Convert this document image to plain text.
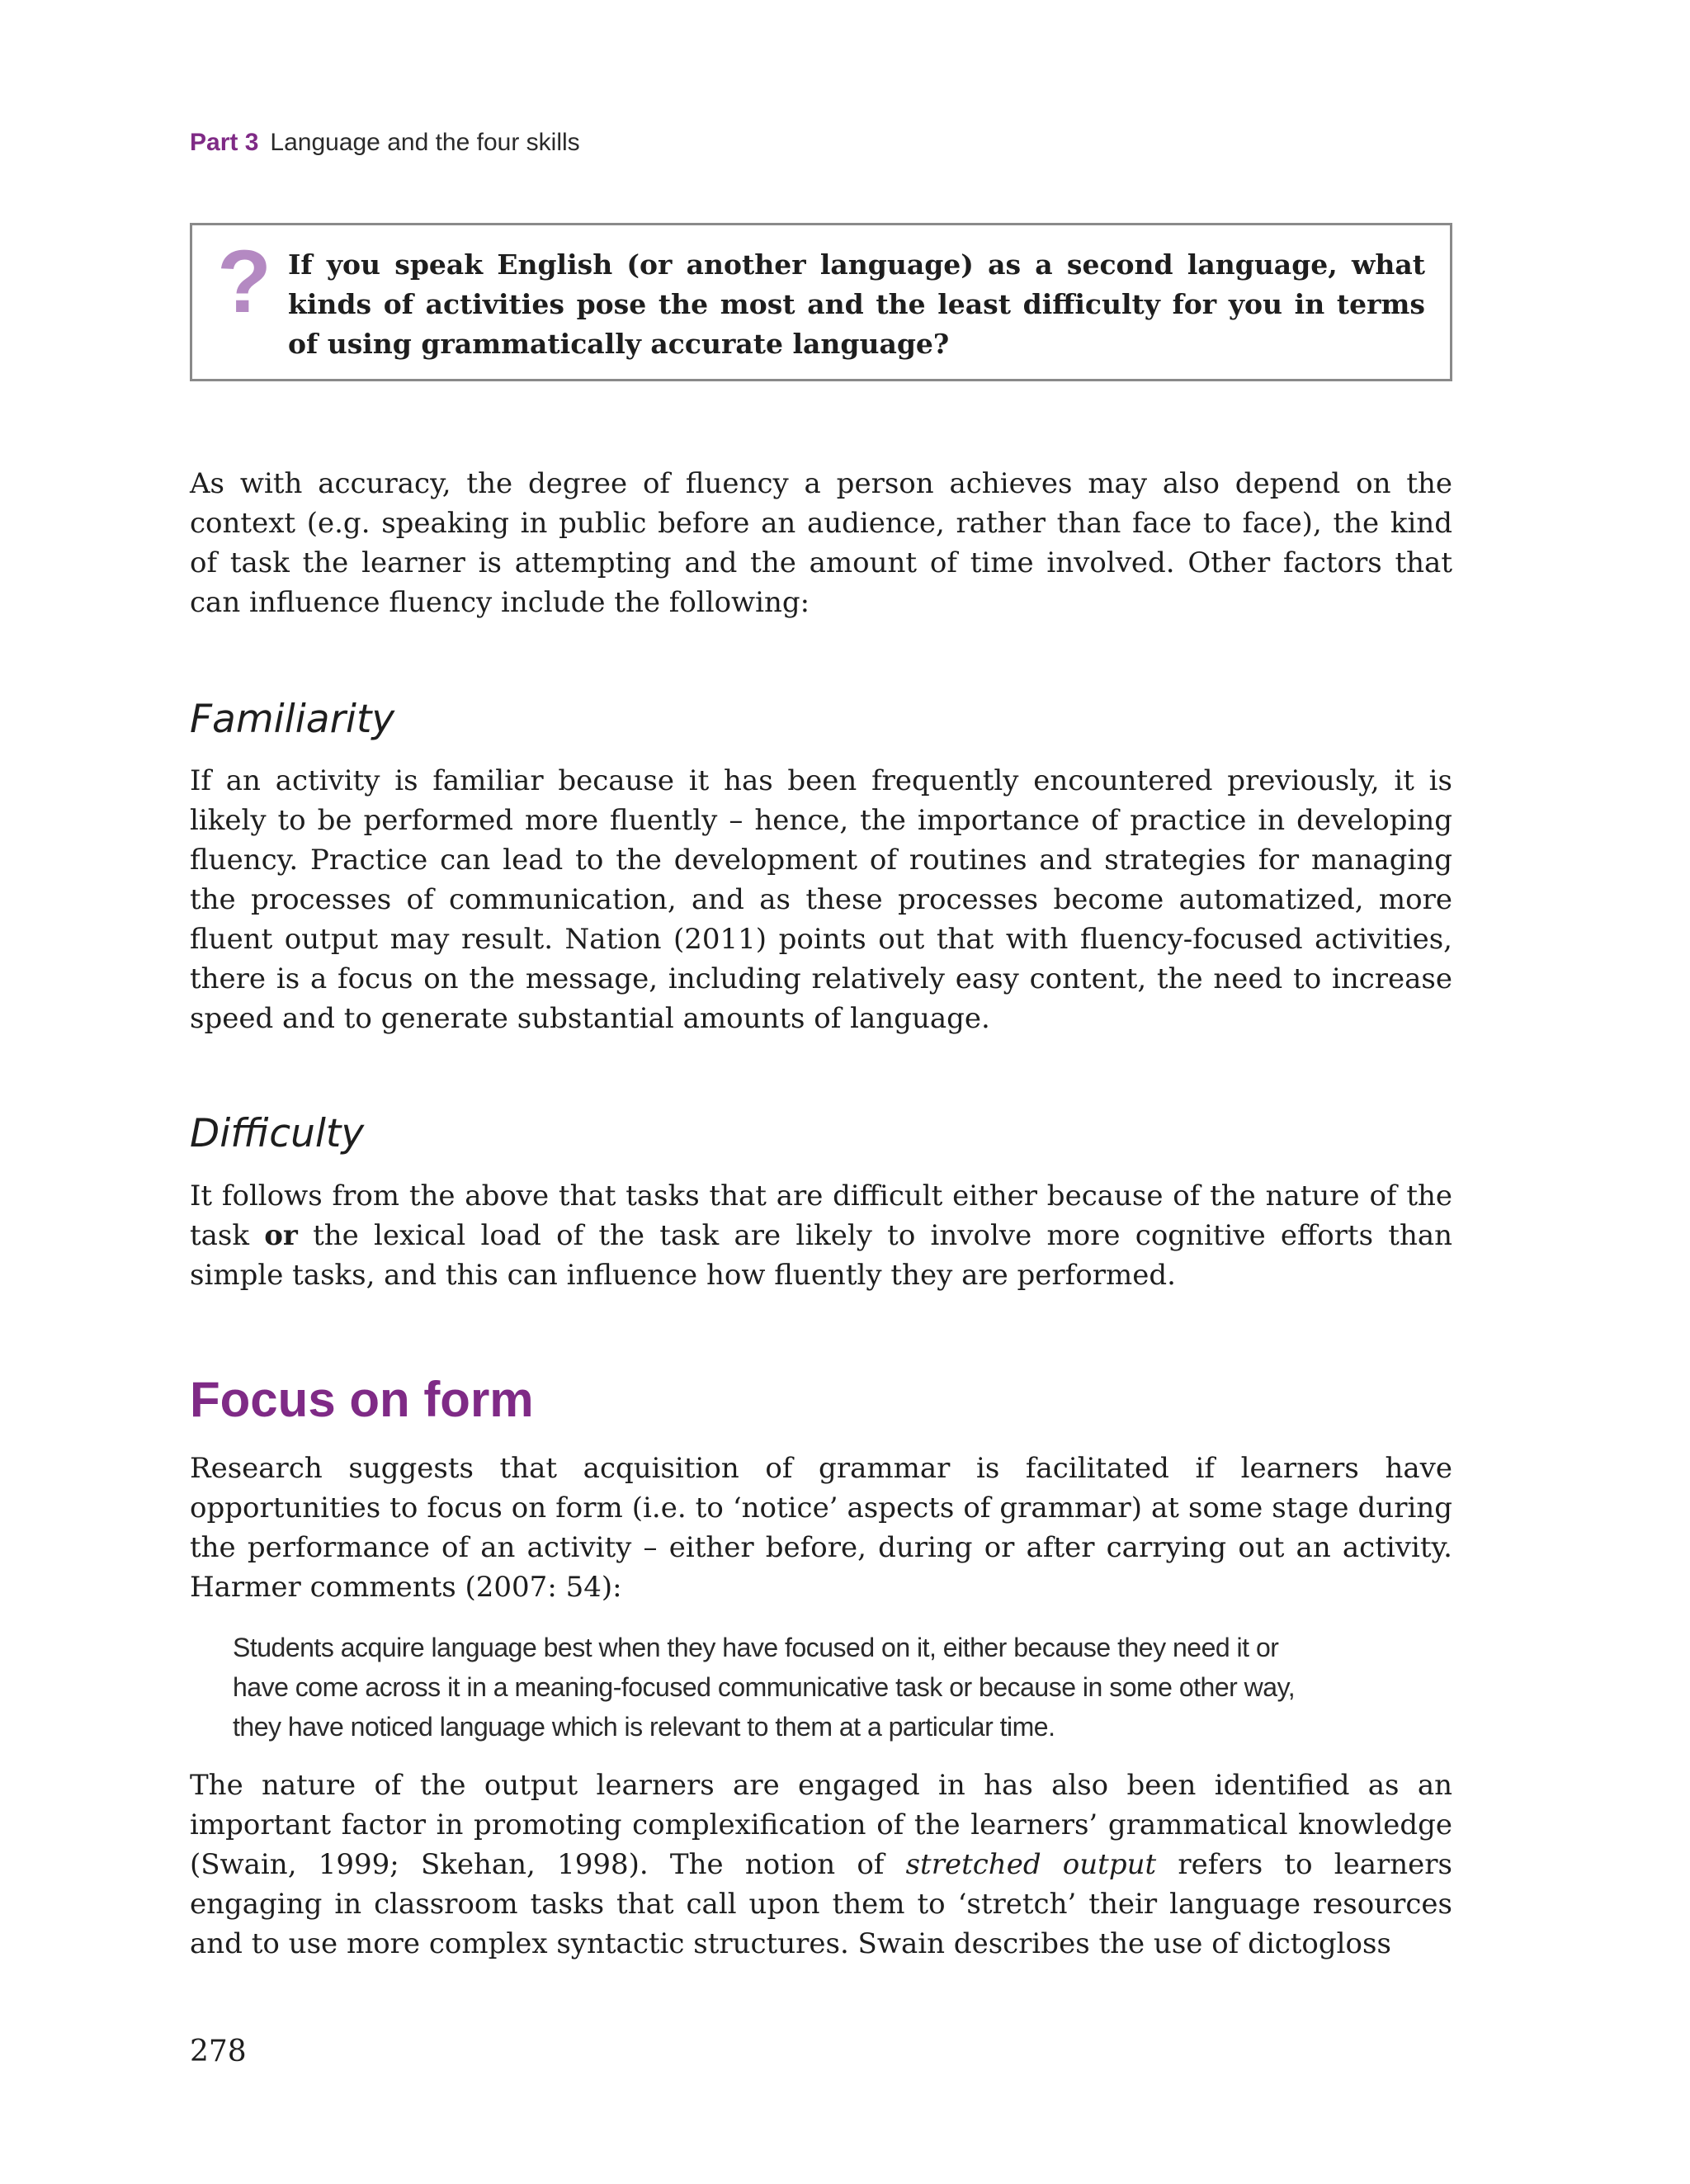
Part 3 Language and the four skills
? If you speak English (or another language) as a second language, what kinds of activities pose the most and the least difficulty for you in terms of using grammatically accurate language?

As with accuracy, the degree of fluency a person achieves may also depend on the context (e.g. speaking in public before an audience, rather than face to face), the kind of task the learner is attempting and the amount of time involved. Other factors that can influence fluency include the following:

Familiarity

If an activity is familiar because it has been frequently encountered previously, it is likely to be performed more fluently – hence, the importance of practice in developing fluency. Practice can lead to the development of routines and strategies for managing the processes of communication, and as these processes become automatized, more fluent output may result. Nation (2011) points out that with fluency-focused activities, there is a focus on the message, including relatively easy content, the need to increase speed and to generate substantial amounts of language.

Difficulty

It follows from the above that tasks that are difficult either because of the nature of the task or the lexical load of the task are likely to involve more cognitive efforts than simple tasks, and this can influence how fluently they are performed.

Focus on form

Research suggests that acquisition of grammar is facilitated if learners have opportunities to focus on form (i.e. to ‘notice’ aspects of grammar) at some stage during the performance of an activity – either before, during or after carrying out an activity. Harmer comments (2007: 54):

Students acquire language best when they have focused on it, either because they need it or
have come across it in a meaning-focused communicative task or because in some other way,
they have noticed language which is relevant to them at a particular time.

The nature of the output learners are engaged in has also been identified as an important factor in promoting complexification of the learners’ grammatical knowledge (Swain, 1999; Skehan, 1998). The notion of stretched output refers to learners engaging in classroom tasks that call upon them to ‘stretch’ their language resources and to use more complex syntactic structures. Swain describes the use of dictogloss

278
